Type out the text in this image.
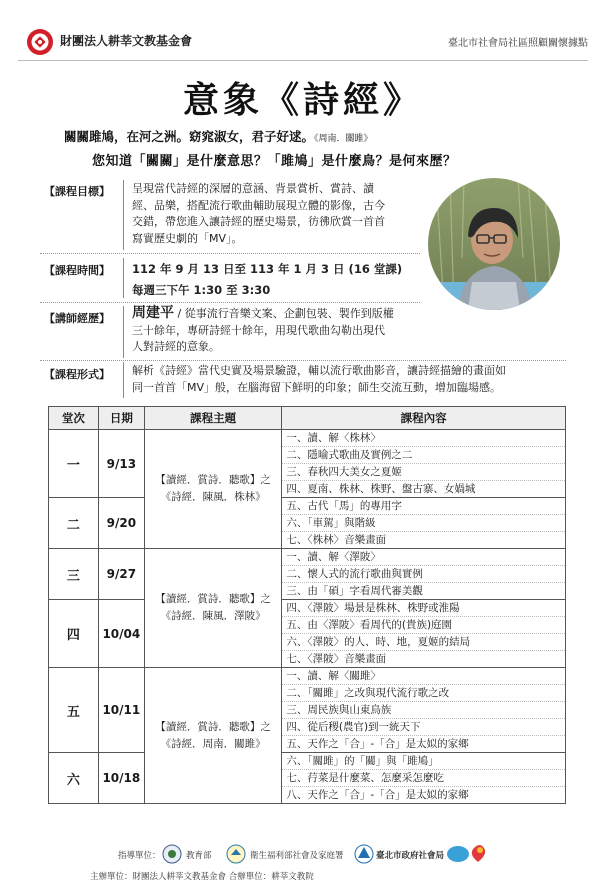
財團法人耕莘文教基金會	臺北市社會局社區照顧關懷據點
意象《詩經》
關關雎鳩，在河之洲。窈窕淑女，君子好逑。《周南．關雎》
您知道「關關」是什麼意思？「雎鳩」是什麼鳥？是何來歷？
【課程目標】 呈現當代詩經的深層的意涵、背景賞析、賞詩、讀
經、品樂，搭配流行歌曲輔助展現立體的影像，古今
交錯，帶您進入讓詩經的歷史場景，彷彿欣賞一首首
寫實歷史劇的「MV」。
【課程時間】 112 年 9 月 13 日至 113 年 1 月 3 日 (16 堂課)
每週三下午 1:30 至 3:30
【講師經歷】 周建平 / 從事流行音樂文案、企劃包裝、製作到版權
三十餘年，專研詩經十餘年，用現代歌曲勾勒出現代
人對詩經的意象。
【課程形式】 解析《詩經》當代史實及場景驗證，輔以流行歌曲影音，讓詩經描繪的畫面如
同一首首「MV」般，在腦海留下鮮明的印象；師生交流互動，增加臨場感。
堂次	日期	課程主題	課程內容
一	9/13	【讀經．賞詩．聽歌】之《詩經．陳風．株林》	一、讀、解〈株林〉
			二、隱喻式歌曲及實例之二
			三、春秋四大美女之夏姬
			四、夏南、株林、株野、盤古寨、女媧城
二	9/20		五、古代「馬」的專用字
			六、「車駕」與階級
			七、〈株林〉音樂畫面
三	9/27	【讀經．賞詩．聽歌】之《詩經．陳風．澤陂》	一、讀、解〈澤陂〉
			二、懷人式的流行歌曲與實例
			三、由「碩」字看周代審美觀
四	10/04		四、〈澤陂〉場景是株林、株野或淮陽
			五、由〈澤陂〉看周代的(貴族)庭園
			六、〈澤陂〉的人、時、地，夏姬的結局
			七、〈澤陂〉音樂畫面
五	10/11	【讀經．賞詩．聽歌】之《詩經．周南．關雎》	一、讀、解〈關雎〉
			二、「關雎」之改與現代流行歌之改
			三、周民族與山東鳥族
			四、從后稷(農官)到一統天下
			五、天作之「合」-「合」是太姒的家鄉
六	10/18		六、「關雎」的「關」與「雎鳩」
			七、荇菜是什麼菜、怎麼采怎麼吃
			八、天作之「合」-「合」是太姒的家鄉
指導單位：	教育部	衛生福利部社會及家庭署	臺北市政府社會局
主辦單位：財團法人耕莘文教基金會 合辦單位：耕莘文教院
